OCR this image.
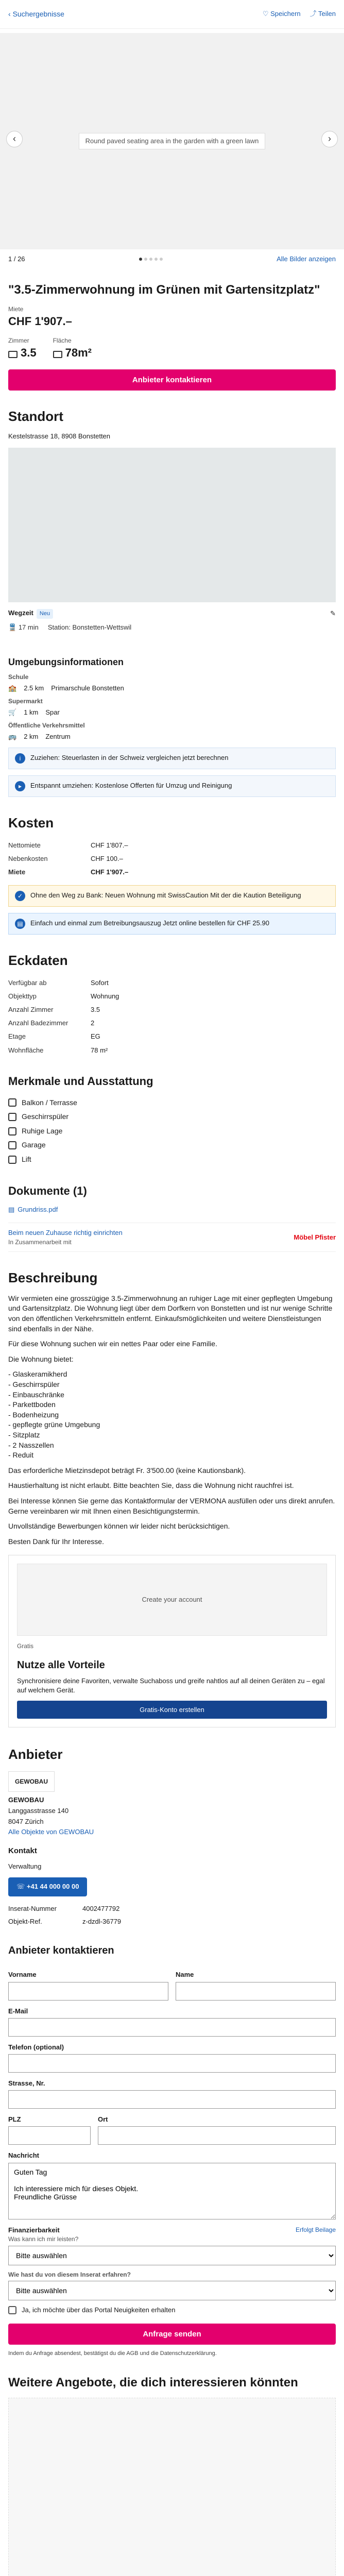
‹ Suchergebnisse	♡ Speichern ⤴ Teilen
Round paved seating area in the garden with a green lawn
‹	›
1 / 26	Alle Bilder anzeigen
"3.5-Zimmerwohnung im Grünen mit Gartensitzplatz"
Miete
CHF 1'907.–
Zimmer
3.5
Fläche
78m²
Anbieter kontaktieren
Standort
Kestelstrasse 18, 8908 Bonstetten
Wegzeit Neu	✎
🚆 17 min Station: Bonstetten-Wettswil
Umgebungsinformationen
Schule
🏫 2.5 km Primarschule Bonstetten
Supermarkt
🛒 1 km Spar
Öffentliche Verkehrsmittel
🚌 2 km Zentrum
i	Zuziehen: Steuerlasten in der Schweiz vergleichen jetzt berechnen
▸	Entspannt umziehen: Kostenlose Offerten für Umzug und Reinigung
Kosten
Nettomiete	CHF 1'807.–
Nebenkosten	CHF 100.–
Miete	CHF 1'907.–
✓	Ohne den Weg zu Bank: Neuen Wohnung mit SwissCaution Mit der die Kaution Beteiligung
▤	Einfach und einmal zum Betreibungsauszug Jetzt online bestellen für CHF 25.90
Eckdaten
Verfügbar ab	Sofort
Objekttyp	Wohnung
Anzahl Zimmer	3.5
Anzahl Badezimmer	2
Etage	EG
Wohnfläche	78 m²
Merkmale und Ausstattung
Balkon / Terrasse
Geschirrspüler
Ruhige Lage
Garage
Lift
Dokumente (1)
▤ Grundriss.pdf
Beim neuen Zuhause richtig einrichten
In Zusammenarbeit mit
Möbel Pfister
Beschreibung

Wir vermieten eine grosszügige 3.5-Zimmerwohnung an ruhiger Lage mit einer gepflegten Umgebung und Gartensitzplatz. Die Wohnung liegt über dem Dorfkern von Bonstetten und ist nur wenige Schritte von den öffentlichen Verkehrsmitteln entfernt. Einkaufsmöglichkeiten und weitere Dienstleistungen sind ebenfalls in der Nähe.

Für diese Wohnung suchen wir ein nettes Paar oder eine Familie.

Die Wohnung bietet:

- Glaskeramikherd
- Geschirrspüler
- Einbauschränke
- Parkettboden
- Bodenheizung
- gepflegte grüne Umgebung
- Sitzplatz
- 2 Nasszellen
- Reduit

Das erforderliche Mietzinsdepot beträgt Fr. 3'500.00 (keine Kautionsbank).

Haustierhaltung ist nicht erlaubt. Bitte beachten Sie, dass die Wohnung nicht rauchfrei ist.

Bei Interesse können Sie gerne das Kontaktformular der VERMONA ausfüllen oder uns direkt anrufen. Gerne vereinbaren wir mit Ihnen einen Besichtigungstermin.

Unvollständige Bewerbungen können wir leider nicht berücksichtigen.

Besten Dank für Ihr Interesse.

Create your account
Gratis
Nutze alle Vorteile

Synchronisiere deine Favoriten, verwalte Suchaboss und greife nahtlos auf all deinen Geräten zu – egal auf welchem Gerät.

Gratis-Konto erstellen
Anbieter
GEWOBAU
GEWOBAU
Langgasstrasse 140
8047 Zürich
Alle Objekte von GEWOBAU
Kontakt
Verwaltung
☏ +41 44 000 00 00
Inserat-Nummer	4002477792
Objekt-Ref.	z-dzdl-36779
Anbieter kontaktieren
Vorname	Name
E-Mail
Telefon (optional)
Strasse, Nr.
PLZ	Ort
Nachricht
Guten Tag Ich interessiere mich für dieses Objekt. Freundliche Grüsse
Finanzierbarkeit	Erfolgt Beilage
Was kann ich mir leisten?
Bitte auswählen
Wie hast du von diesem Inserat erfahren?
Bitte auswählen
Ja, ich möchte über das Portal Neuigkeiten erhalten
Anfrage senden
Indem du Anfrage absendest, bestätigst du die AGB und die Datenschutzerklärung.
Weitere Angebote, die dich interessieren könnten
